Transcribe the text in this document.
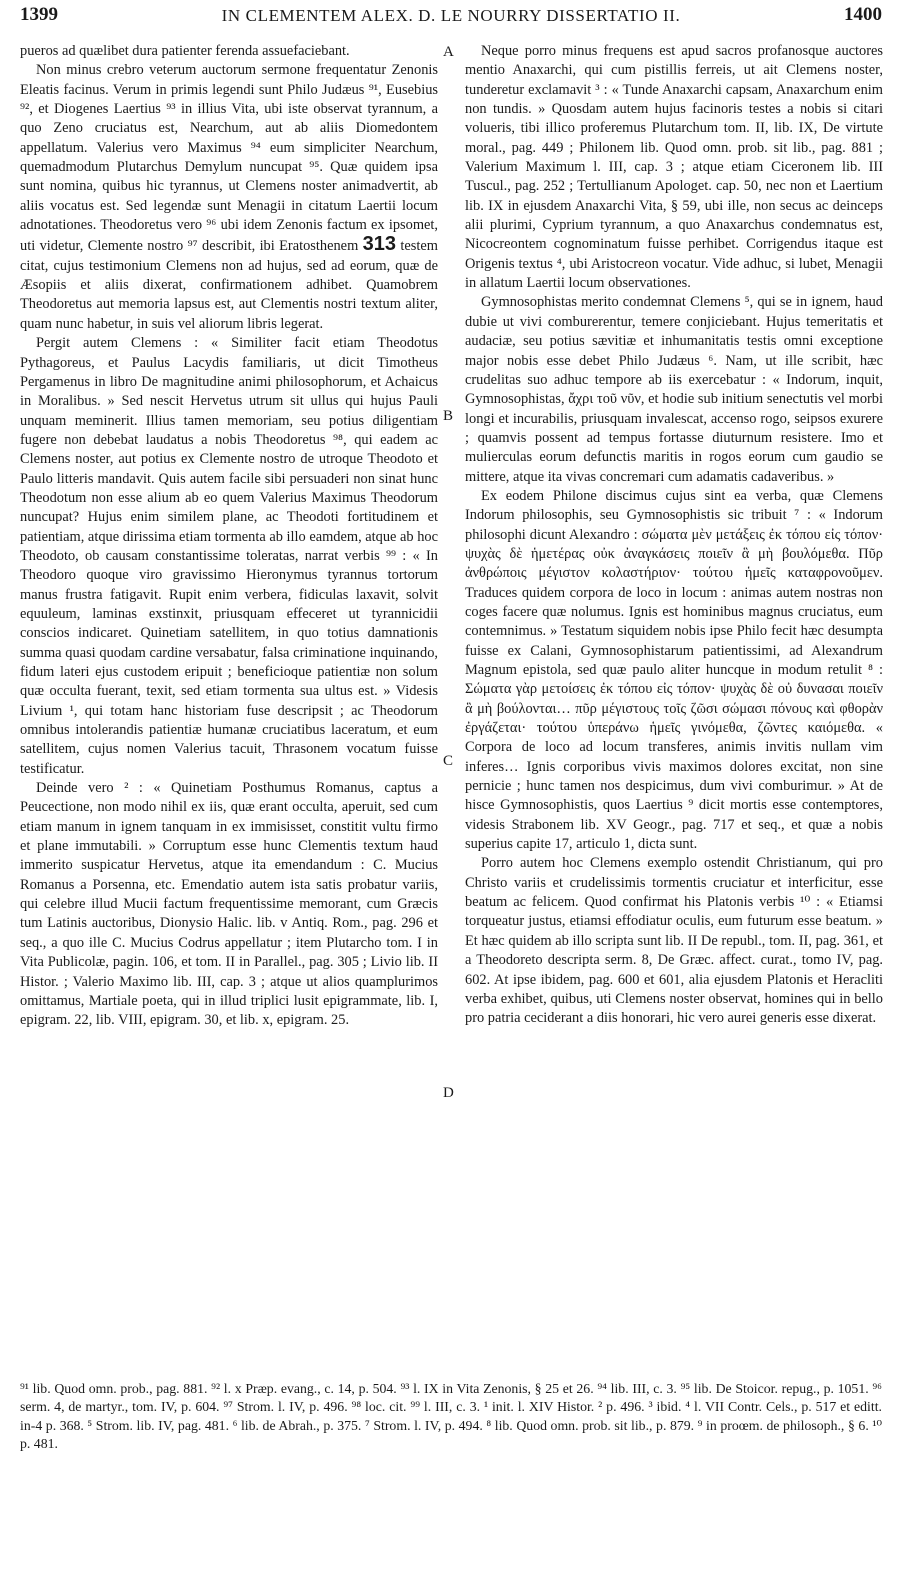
1399	IN CLEMENTEM ALEX. D. LE NOURRY DISSERTATIO II.	1400

pueros ad quælibet dura patienter ferenda assuefaciebant.

Non minus crebro veterum auctorum sermone frequentatur Zenonis Eleatis facinus. Verum in primis legendi sunt Philo Judæus ⁹¹, Eusebius ⁹², et Diogenes Laertius ⁹³ in illius Vita, ubi iste observat tyrannum, a quo Zeno cruciatus est, Nearchum, aut ab aliis Diomedontem appellatum. Valerius vero Maximus ⁹⁴ eum simpliciter Nearchum, quemadmodum Plutarchus Demylum nuncupat ⁹⁵. Quæ quidem ipsa sunt nomina, quibus hic tyrannus, ut Clemens noster animadvertit, ab aliis vocatus est. Sed legendæ sunt Menagii in citatum Laertii locum adnotationes. Theodoretus vero ⁹⁶ ubi idem Zenonis factum ex ipsomet, uti videtur, Clemente nostro ⁹⁷ describit, ibi Eratosthenem 313 testem citat, cujus testimonium Clemens non ad hujus, sed ad eorum, quæ de Æsopiis et aliis dixerat, confirmationem adhibet. Quamobrem Theodoretus aut memoria lapsus est, aut Clementis nostri textum aliter, quam nunc habetur, in suis vel aliorum libris legerat.

Pergit autem Clemens : « Similiter facit etiam Theodotus Pythagoreus, et Paulus Lacydis familiaris, ut dicit Timotheus Pergamenus in libro De magnitudine animi philosophorum, et Achaicus in Moralibus. » Sed nescit Hervetus utrum sit ullus qui hujus Pauli unquam meminerit. Illius tamen memoriam, seu potius diligentiam fugere non debebat laudatus a nobis Theodoretus ⁹⁸, qui eadem ac Clemens noster, aut potius ex Clemente nostro de utroque Theodoto et Paulo litteris mandavit. Quis autem facile sibi persuaderi non sinat hunc Theodotum non esse alium ab eo quem Valerius Maximus Theodorum nuncupat? Hujus enim similem plane, ac Theodoti fortitudinem et patientiam, atque dirissima etiam tormenta ab illo eamdem, atque ab hoc Theodoto, ob causam constantissime toleratas, narrat verbis ⁹⁹ : « In Theodoro quoque viro gravissimo Hieronymus tyrannus tortorum manus frustra fatigavit. Rupit enim verbera, fidiculas laxavit, solvit equuleum, laminas exstinxit, priusquam effeceret ut tyrannicidii conscios indicaret. Quinetiam satellitem, in quo totius damnationis summa quasi quodam cardine versabatur, falsa criminatione inquinando, fidum lateri ejus custodem eripuit ; beneficioque patientiæ non solum quæ occulta fuerant, texit, sed etiam tormenta sua ultus est. » Videsis Livium ¹, qui totam hanc historiam fuse descripsit ; ac Theodorum omnibus intolerandis patientiæ humanæ cruciatibus laceratum, et eum satellitem, cujus nomen Valerius tacuit, Thrasonem vocatum fuisse testificatur.

Deinde vero ² : « Quinetiam Posthumus Romanus, captus a Peucectione, non modo nihil ex iis, quæ erant occulta, aperuit, sed cum etiam manum in ignem tanquam in ex immisisset, constitit vultu firmo et plane immutabili. » Corruptum esse hunc Clementis textum haud immerito suspicatur Hervetus, atque ita emendandum : C. Mucius Romanus a Porsenna, etc. Emendatio autem ista satis probatur variis, qui celebre illud Mucii factum frequentissime memorant, cum Græcis tum Latinis auctoribus, Dionysio Halic. lib. v Antiq. Rom., pag. 296 et seq., a quo ille C. Mucius Codrus appellatur ; item Plutarcho tom. I in Vita Publicolæ, pagin. 106, et tom. II in Parallel., pag. 305 ; Livio lib. II Histor. ; Valerio Maximo lib. III, cap. 3 ; atque ut alios quamplurimos omittamus, Martiale poeta, qui in illud triplici lusit epigrammate, lib. I, epigram. 22, lib. VIII, epigram. 30, et lib. x, epigram. 25.

Neque porro minus frequens est apud sacros profanosque auctores mentio Anaxarchi, qui cum pistillis ferreis, ut ait Clemens noster, tunderetur exclamavit ³ : « Tunde Anaxarchi capsam, Anaxarchum enim non tundis. » Quosdam autem hujus facinoris testes a nobis si citari volueris, tibi illico proferemus Plutarchum tom. II, lib. IX, De virtute moral., pag. 449 ; Philonem lib. Quod omn. prob. sit lib., pag. 881 ; Valerium Maximum l. III, cap. 3 ; atque etiam Ciceronem lib. III Tuscul., pag. 252 ; Tertullianum Apologet. cap. 50, nec non et Laertium lib. IX in ejusdem Anaxarchi Vita, § 59, ubi ille, non secus ac deinceps alii plurimi, Cyprium tyrannum, a quo Anaxarchus condemnatus est, Nicocreontem cognominatum fuisse perhibet. Corrigendus itaque est Origenis textus ⁴, ubi Aristocreon vocatur. Vide adhuc, si lubet, Menagii in allatum Laertii locum observationes.

Gymnosophistas merito condemnat Clemens ⁵, qui se in ignem, haud dubie ut vivi comburerentur, temere conjiciebant. Hujus temeritatis et audaciæ, seu potius sævitiæ et inhumanitatis testis omni exceptione major nobis esse debet Philo Judæus ⁶. Nam, ut ille scribit, hæc crudelitas suo adhuc tempore ab iis exercebatur : « Indorum, inquit, Gymnosophistas, ἄχρι τοῦ νῦν, et hodie sub initium senectutis vel morbi longi et incurabilis, priusquam invalescat, accenso rogo, seipsos exurere ; quamvis possent ad tempus fortasse diuturnum resistere. Imo et mulierculas eorum defunctis maritis in rogos eorum cum gaudio se mittere, atque ita vivas concremari cum adamatis cadaveribus. »

Ex eodem Philone discimus cujus sint ea verba, quæ Clemens Indorum philosophis, seu Gymnosophistis sic tribuit ⁷ : « Indorum philosophi dicunt Alexandro : σώματα μὲν μετάξεις ἐκ τόπου εἰς τόπον· ψυχὰς δὲ ἡμετέρας οὐκ ἀναγκάσεις ποιεῖν ἃ μὴ βουλόμεθα. Πῦρ ἀνθρώποις μέγιστον κολαστήριον· τούτου ἡμεῖς καταφρονοῦμεν. Traduces quidem corpora de loco in locum : animas autem nostras non coges facere quæ nolumus. Ignis est hominibus magnus cruciatus, eum contemnimus. » Testatum siquidem nobis ipse Philo fecit hæc desumpta fuisse ex Calani, Gymnosophistarum patientissimi, ad Alexandrum Magnum epistola, sed quæ paulo aliter huncque in modum retulit ⁸ : Σώματα γὰρ μετοίσεις ἐκ τόπου εἰς τόπον· ψυχὰς δὲ οὐ δυνασαι ποιεῖν ἃ μὴ βούλονται… πῦρ μέγιστους τοῖς ζῶσι σώμασι πόνους καὶ φθορὰν ἐργάζεται· τούτου ὑπεράνω ἡμεῖς γινόμεθα, ζῶντες καιόμεθα. « Corpora de loco ad locum transferes, animis invitis nullam vim inferes… Ignis corporibus vivis maximos dolores excitat, non sine pernicie ; hunc tamen nos despicimus, dum vivi comburimur. » At de hisce Gymnosophistis, quos Laertius ⁹ dicit mortis esse contemptores, videsis Strabonem lib. XV Geogr., pag. 717 et seq., et quæ a nobis superius capite 17, articulo 1, dicta sunt.

Porro autem hoc Clemens exemplo ostendit Christianum, qui pro Christo variis et crudelissimis tormentis cruciatur et interficitur, esse beatum ac felicem. Quod confirmat his Platonis verbis ¹⁰ : « Etiamsi torqueatur justus, etiamsi effodiatur oculis, eum futurum esse beatum. » Et hæc quidem ab illo scripta sunt lib. II De republ., tom. II, pag. 361, et a Theodoreto descripta serm. 8, De Græc. affect. curat., tomo IV, pag. 602. At ipse ibidem, pag. 600 et 601, alia ejusdem Platonis et Heracliti verba exhibet, quibus, uti Clemens noster observat, homines qui in bello pro patria ceciderant a diis honorari, hic vero aurei generis esse dixerat.

A
B
C
D
⁹¹ lib. Quod omn. prob., pag. 881. ⁹² l. x Præp. evang., c. 14, p. 504. ⁹³ l. IX in Vita Zenonis, § 25 et 26. ⁹⁴ lib. III, c. 3. ⁹⁵ lib. De Stoicor. repug., p. 1051. ⁹⁶ serm. 4, de martyr., tom. IV, p. 604. ⁹⁷ Strom. l. IV, p. 496. ⁹⁸ loc. cit. ⁹⁹ l. III, c. 3. ¹ init. l. XIV Histor. ² p. 496. ³ ibid. ⁴ l. VII Contr. Cels., p. 517 et editt. in-4 p. 368. ⁵ Strom. lib. IV, pag. 481. ⁶ lib. de Abrah., p. 375. ⁷ Strom. l. IV, p. 494. ⁸ lib. Quod omn. prob. sit lib., p. 879. ⁹ in proœm. de philosoph., § 6. ¹⁰ p. 481.
